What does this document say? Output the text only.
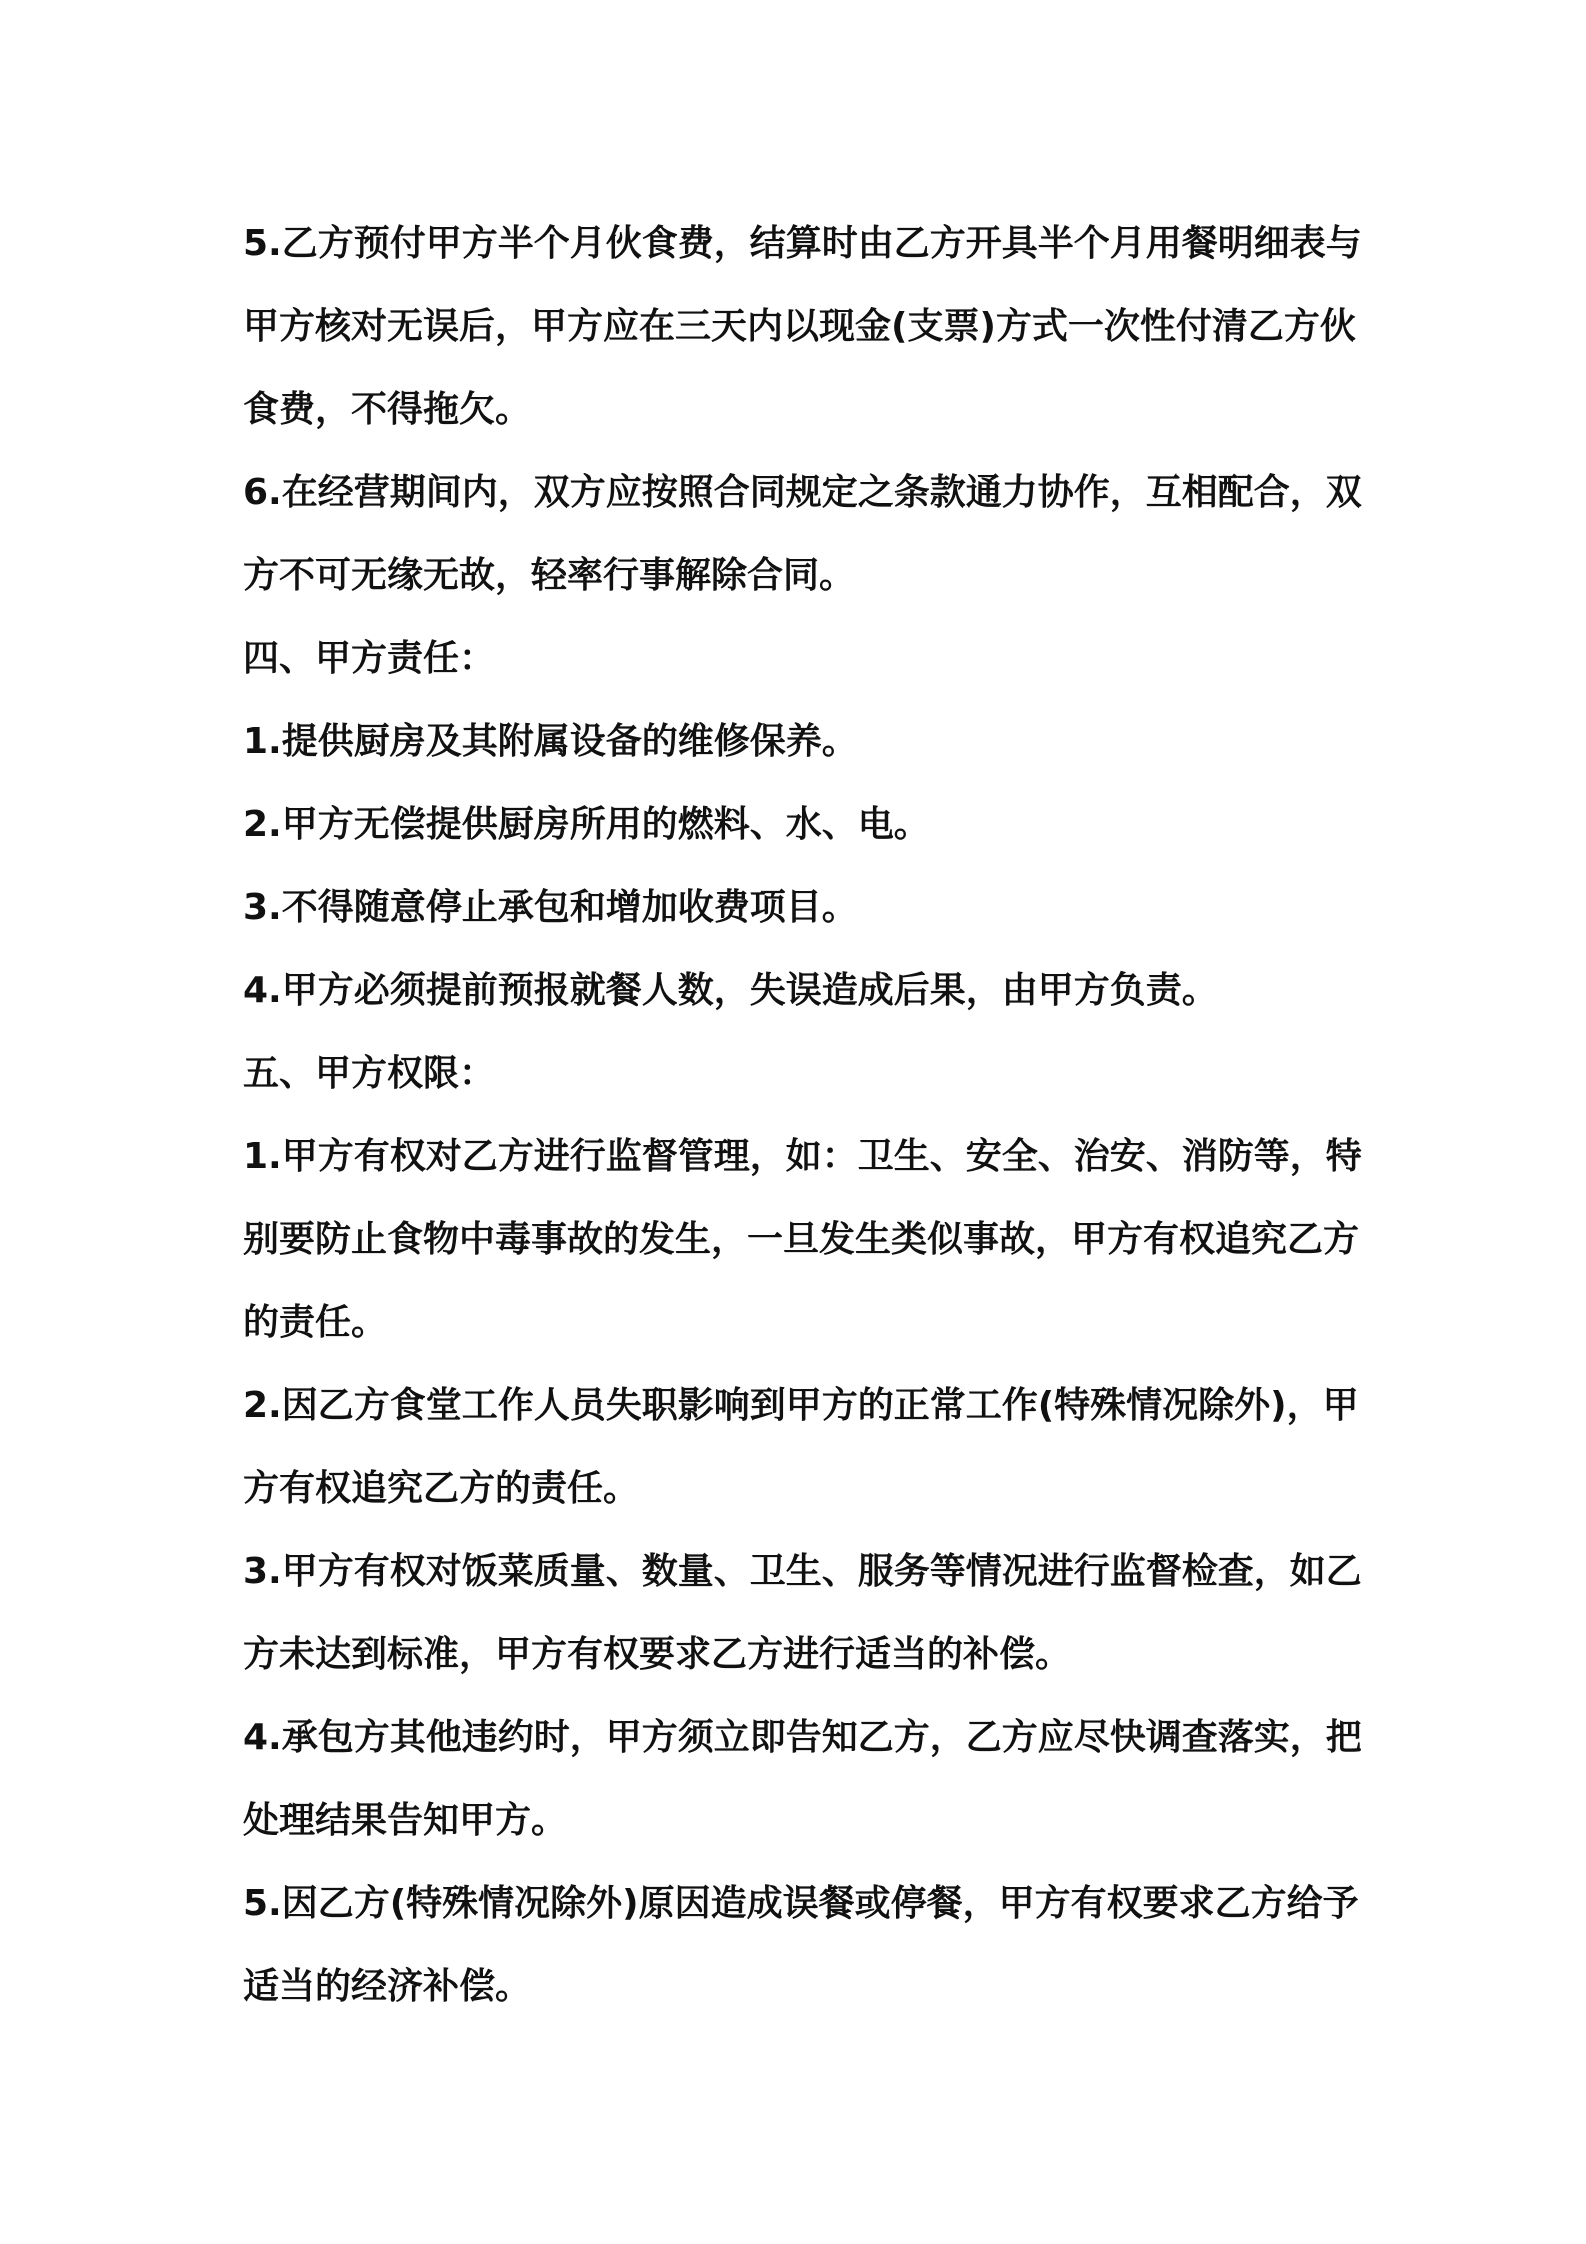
5.乙方预付甲方半个月伙食费，结算时由乙方开具半个月用餐明细表与甲方核对无误后，甲方应在三天内以现金(支票)方式一次性付清乙方伙食费，不得拖欠。

6.在经营期间内，双方应按照合同规定之条款通力协作，互相配合，双方不可无缘无故，轻率行事解除合同。

四、甲方责任：

1.提供厨房及其附属设备的维修保养。

2.甲方无偿提供厨房所用的燃料、水、电。

3.不得随意停止承包和增加收费项目。

4.甲方必须提前预报就餐人数，失误造成后果，由甲方负责。

五、甲方权限：

1.甲方有权对乙方进行监督管理，如：卫生、安全、治安、消防等，特别要防止食物中毒事故的发生，一旦发生类似事故，甲方有权追究乙方的责任。

2.因乙方食堂工作人员失职影响到甲方的正常工作(特殊情况除外)，甲方有权追究乙方的责任。

3.甲方有权对饭菜质量、数量、卫生、服务等情况进行监督检查，如乙方未达到标准，甲方有权要求乙方进行适当的补偿。

4.承包方其他违约时，甲方须立即告知乙方，乙方应尽快调查落实，把处理结果告知甲方。

5.因乙方(特殊情况除外)原因造成误餐或停餐，甲方有权要求乙方给予适当的经济补偿。
